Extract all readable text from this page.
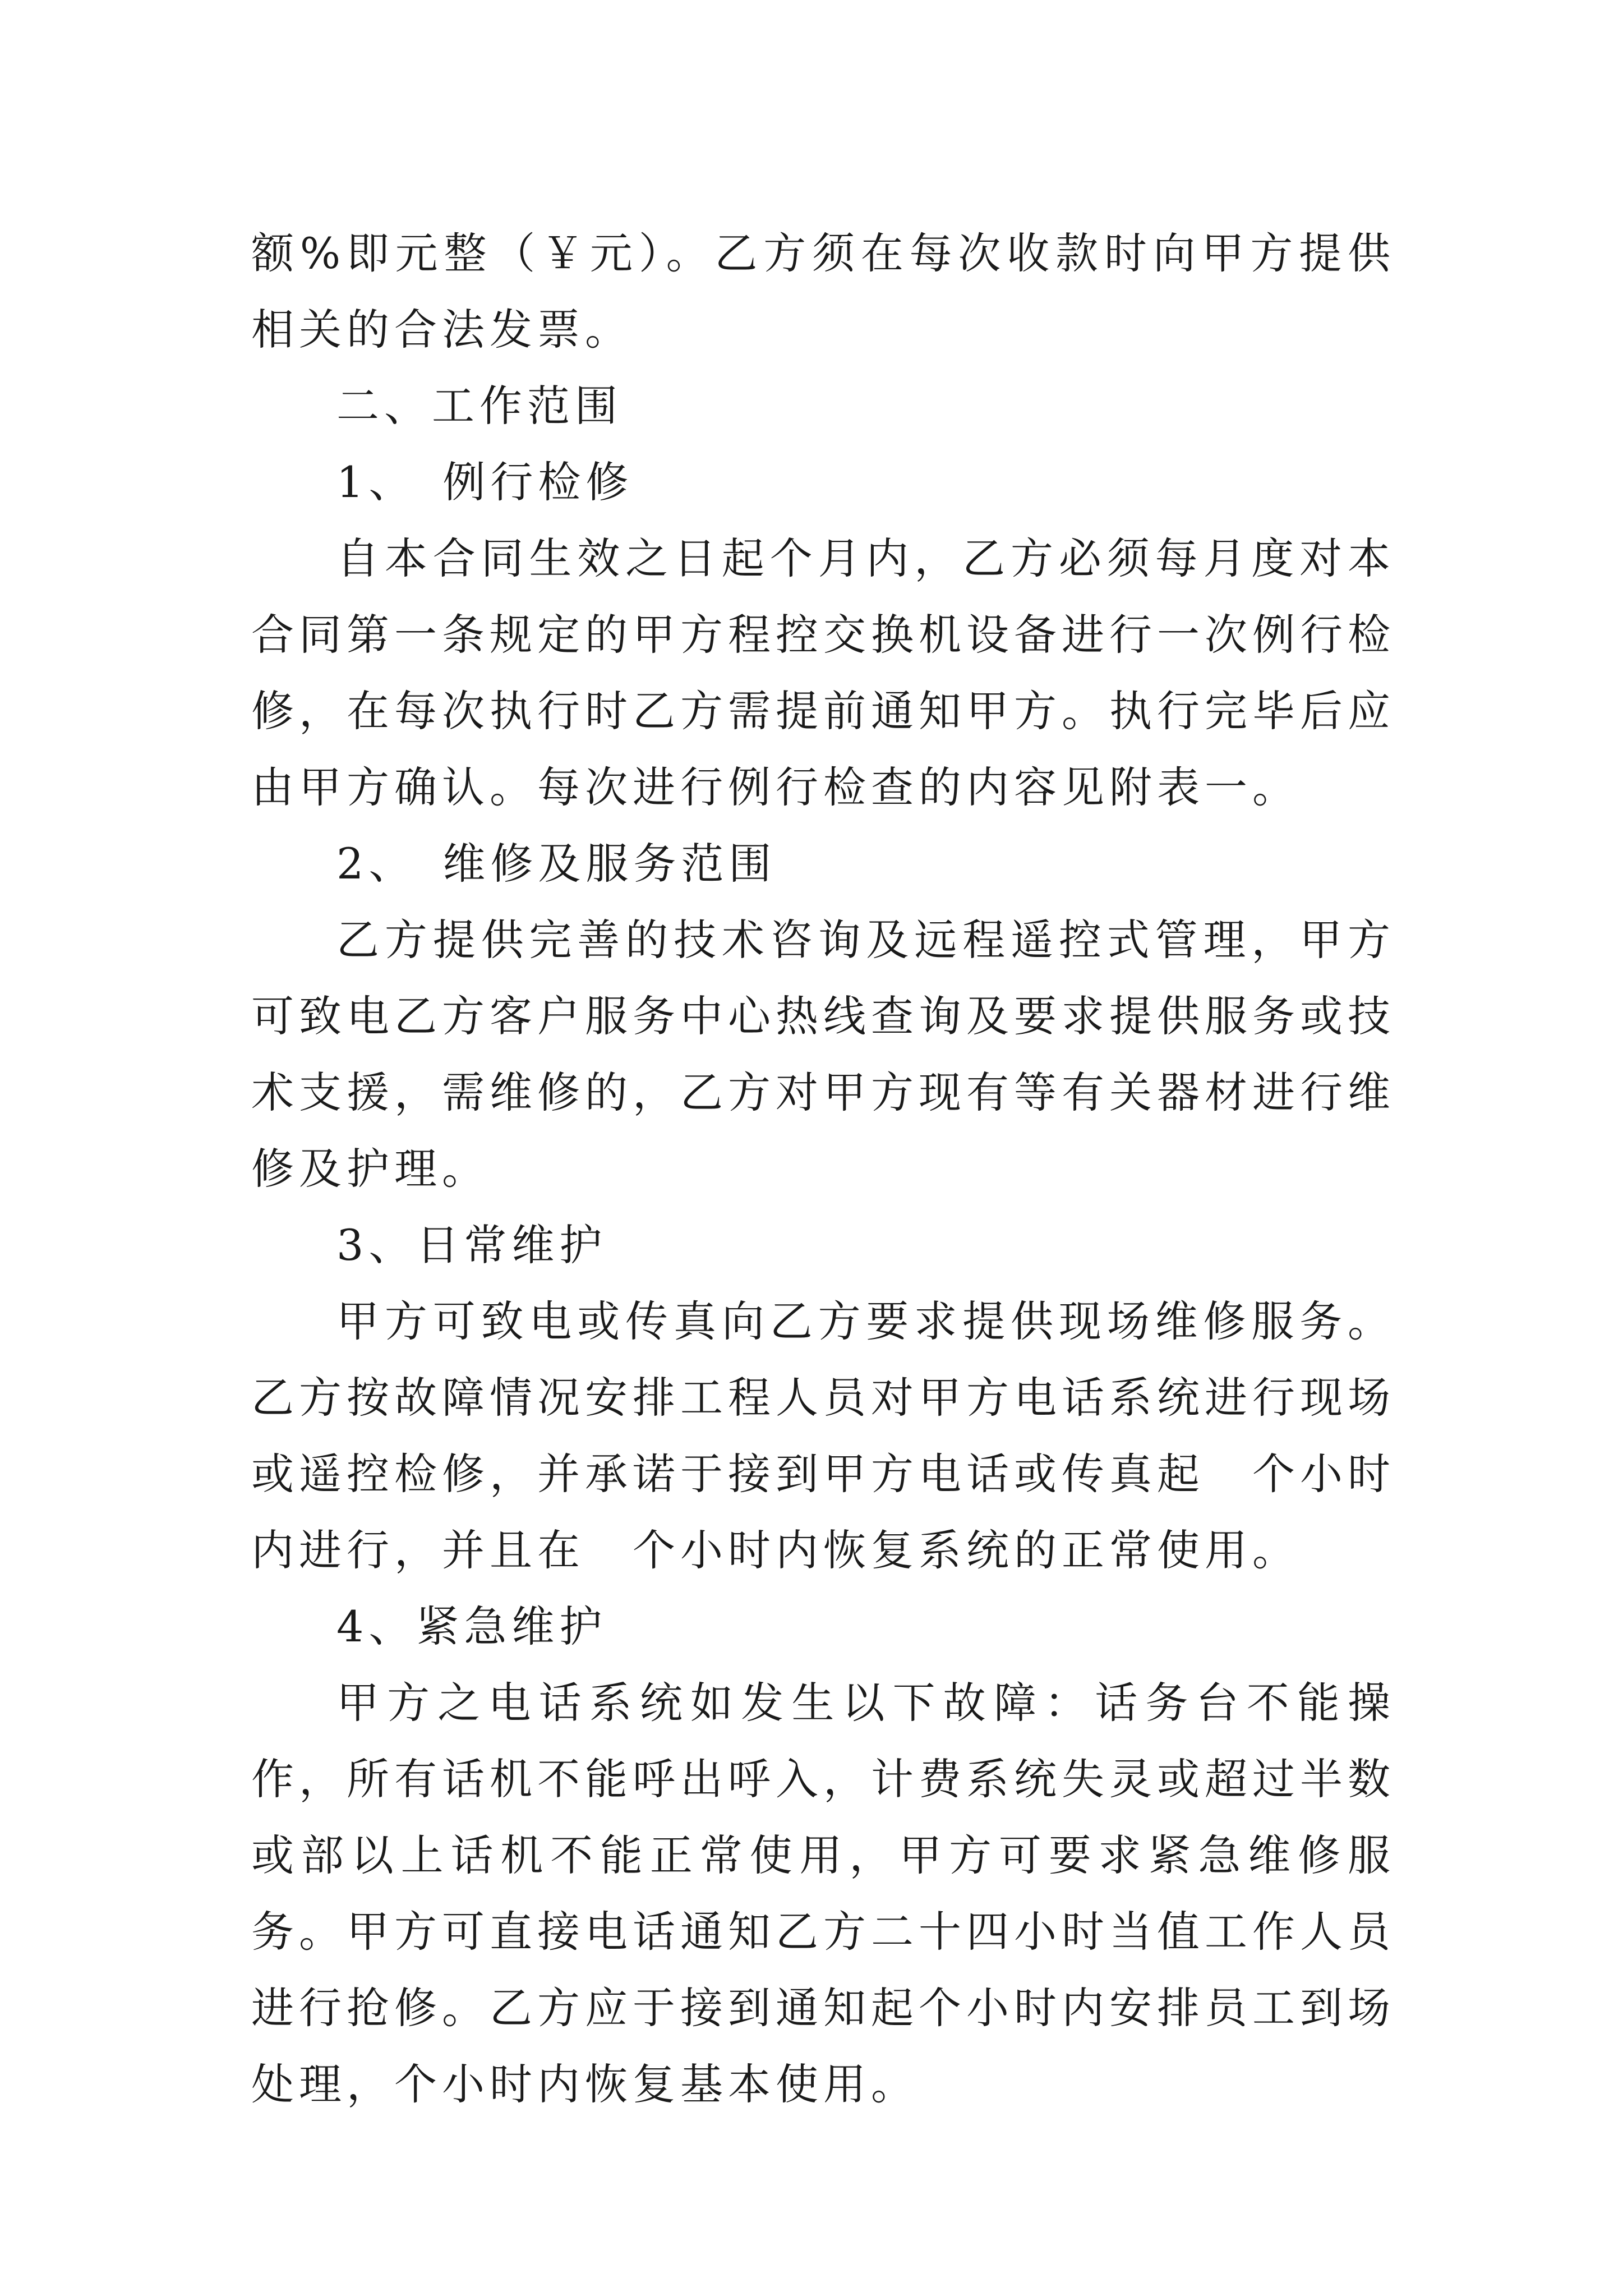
额%即元整（￥元）。乙方须在每次收款时向甲方提供相关的合法发票。

二、工作范围

1、　例行检修

自本合同生效之日起个月内，乙方必须每月度对本合同第一条规定的甲方程控交换机设备进行一次例行检修，在每次执行时乙方需提前通知甲方。执行完毕后应由甲方确认。每次进行例行检查的内容见附表一。

2、　维修及服务范围

乙方提供完善的技术咨询及远程遥控式管理，甲方可致电乙方客户服务中心热线查询及要求提供服务或技术支援，需维修的，乙方对甲方现有等有关器材进行维修及护理。

3、日常维护

甲方可致电或传真向乙方要求提供现场维修服务。乙方按故障情况安排工程人员对甲方电话系统进行现场或遥控检修，并承诺于接到甲方电话或传真起　个小时内进行，并且在　个小时内恢复系统的正常使用。

4、紧急维护

甲方之电话系统如发生以下故障：话务台不能操作，所有话机不能呼出呼入，计费系统失灵或超过半数或部以上话机不能正常使用，甲方可要求紧急维修服务。甲方可直接电话通知乙方二十四小时当值工作人员进行抢修。乙方应于接到通知起个小时内安排员工到场处理，个小时内恢复基本使用。
